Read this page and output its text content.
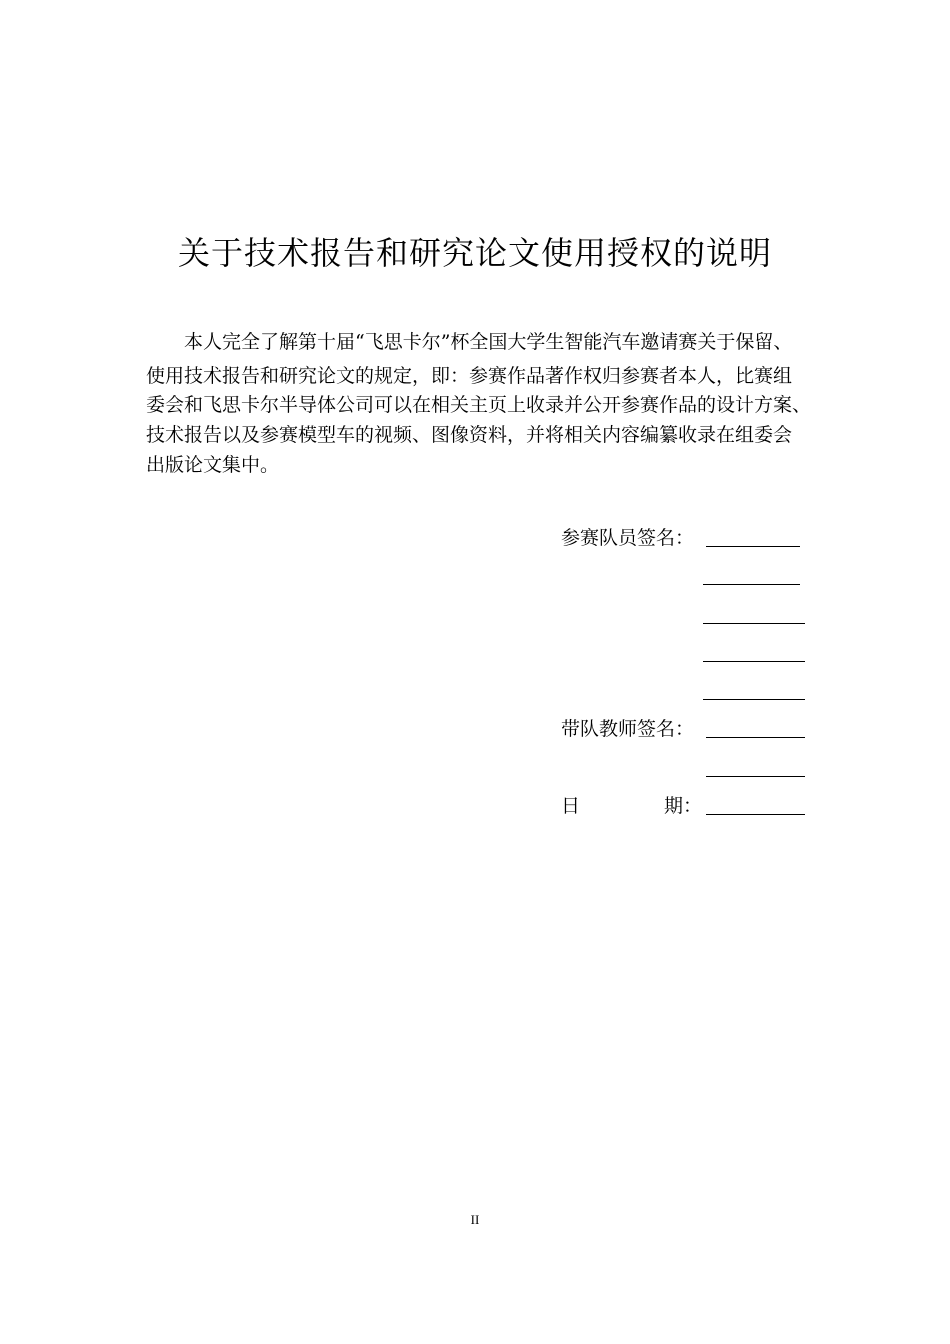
关于技术报告和研究论文使用授权的说明
　　本人完全了解第十届“飞思卡尔”杯全国大学生智能汽车邀请赛关于保留、
使用技术报告和研究论文的规定，即：参赛作品著作权归参赛者本人，比赛组
委会和飞思卡尔半导体公司可以在相关主页上收录并公开参赛作品的设计方案、
技术报告以及参赛模型车的视频、图像资料，并将相关内容编纂收录在组委会
出版论文集中。
参赛队员签名：
带队教师签名：
日	期：
II
